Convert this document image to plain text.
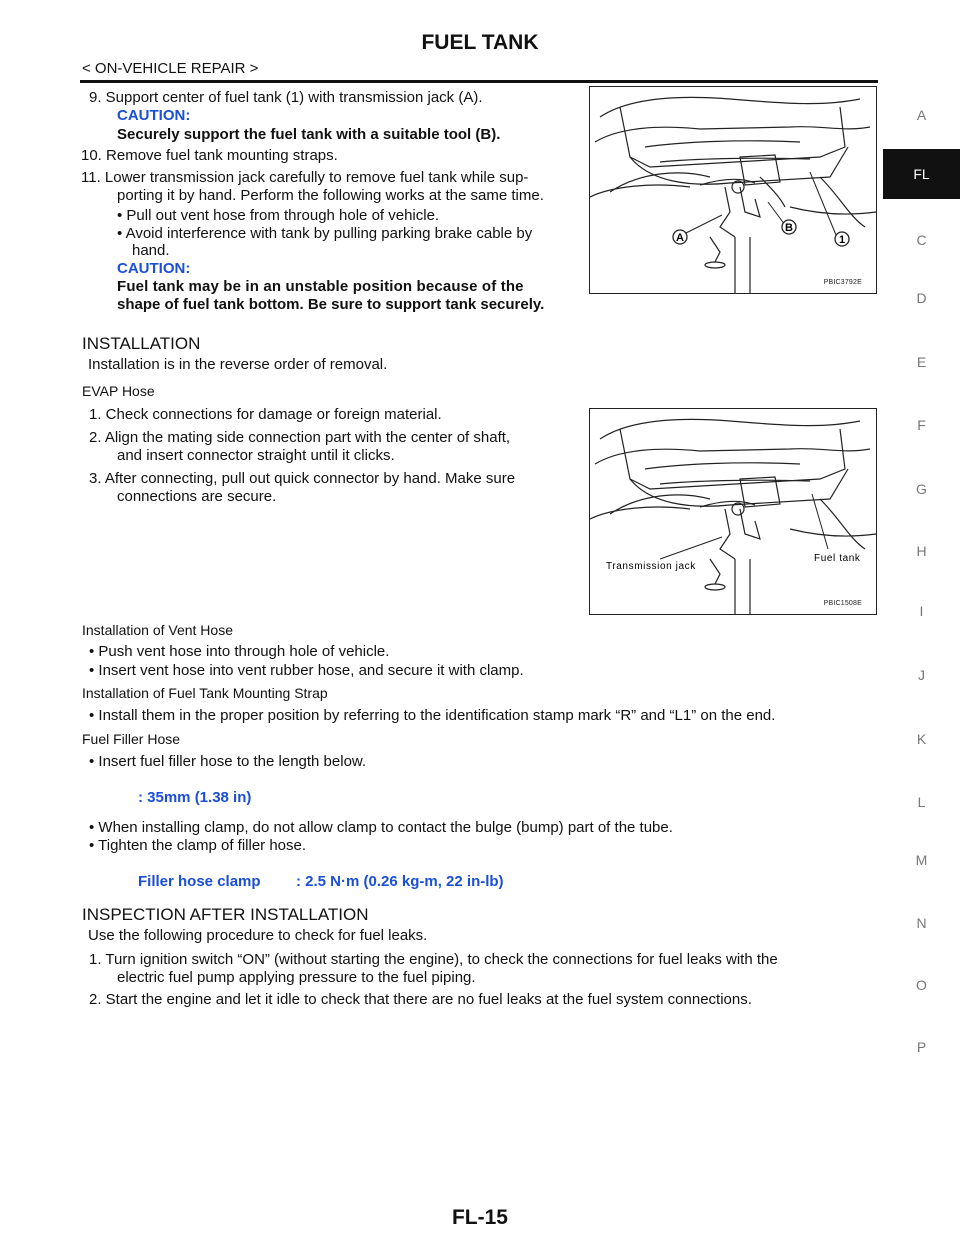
FUEL TANK
< ON-VEHICLE REPAIR >
9. Support center of fuel tank (1) with transmission jack (A).
CAUTION:
Securely support the fuel tank with a suitable tool (B).
10. Remove fuel tank mounting straps.
11. Lower transmission jack carefully to remove fuel tank while sup-
porting it by hand. Perform the following works at the same time.
• Pull out vent hose from through hole of vehicle.
• Avoid interference with tank by pulling parking brake cable by
hand.
CAUTION:
Fuel tank may be in an unstable position because of the
shape of fuel tank bottom. Be sure to support tank securely.
A
B
1
PBIC3792E
INSTALLATION
Installation is in the reverse order of removal.
EVAP Hose
1. Check connections for damage or foreign material.
2. Align the mating side connection part with the center of shaft,
and insert connector straight until it clicks.
3. After connecting, pull out quick connector by hand. Make sure
connections are secure.
Transmission jack
Fuel tank
PBIC1508E
Installation of Vent Hose
• Push vent hose into through hole of vehicle.
• Insert vent hose into vent rubber hose, and secure it with clamp.
Installation of Fuel Tank Mounting Strap
• Install them in the proper position by referring to the identification stamp mark “R” and “L1” on the end.
Fuel Filler Hose
• Insert fuel filler hose to the length below.
: 35mm (1.38 in)
• When installing clamp, do not allow clamp to contact the bulge (bump) part of the tube.
• Tighten the clamp of filler hose.
Filler hose clamp : 2.5 N·m (0.26 kg-m, 22 in-lb)
INSPECTION AFTER INSTALLATION
Use the following procedure to check for fuel leaks.
1. Turn ignition switch “ON” (without starting the engine), to check the connections for fuel leaks with the
electric fuel pump applying pressure to the fuel piping.
2. Start the engine and let it idle to check that there are no fuel leaks at the fuel system connections.
A
FL
C
D
E
F
G
H
I
J
K
L
M
N
O
P
FL-15
